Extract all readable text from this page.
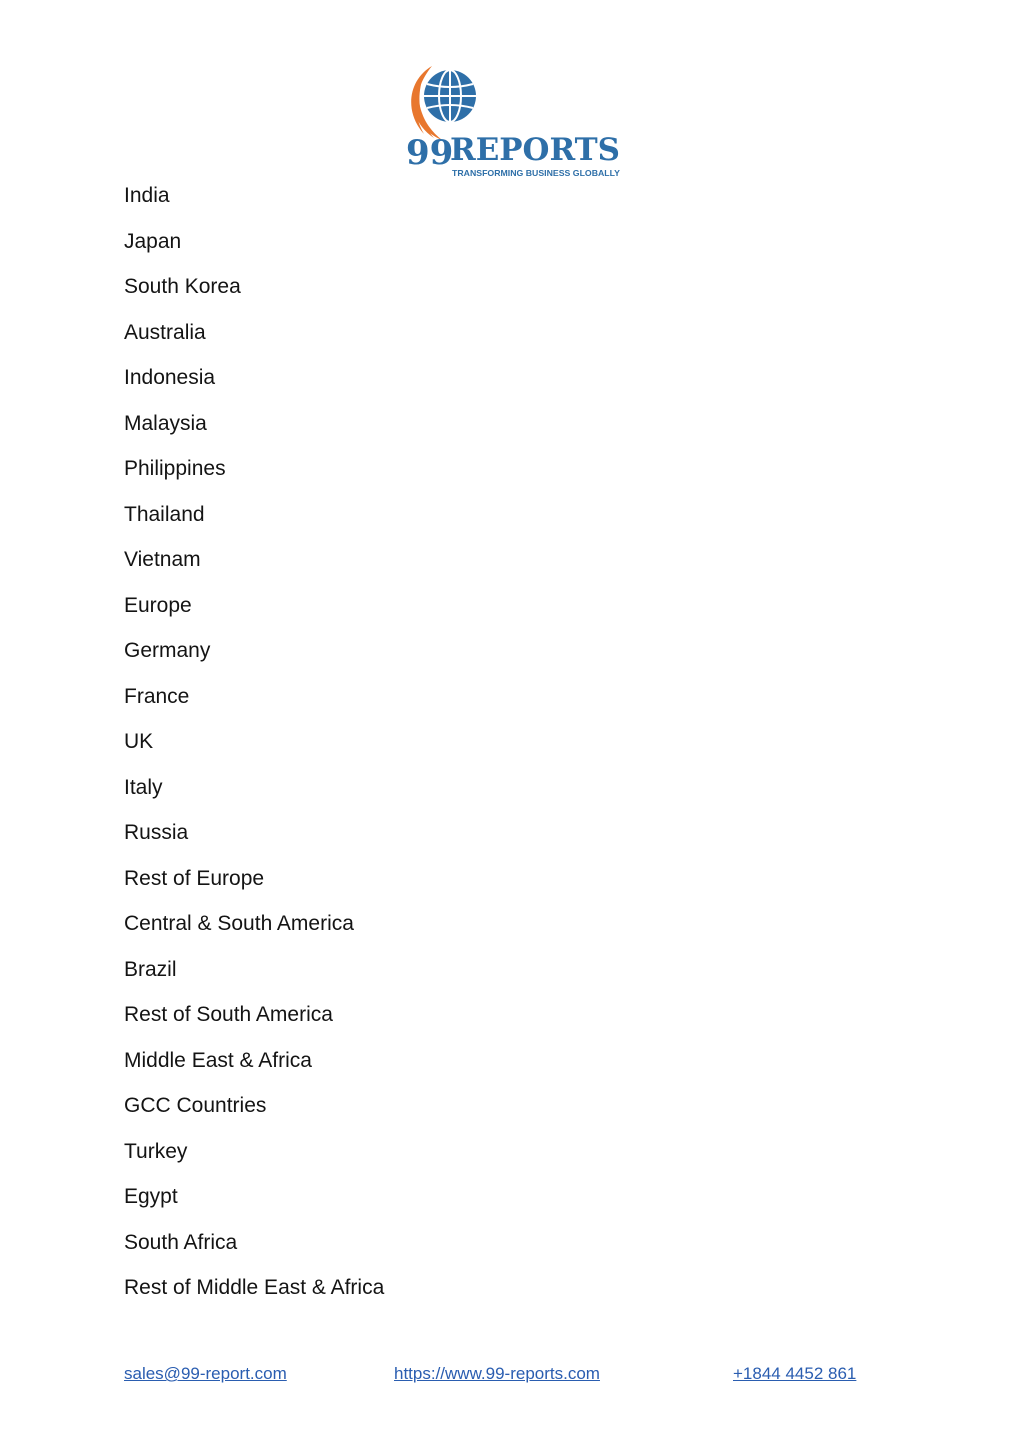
99
REPORTS
TRANSFORMING BUSINESS GLOBALLY
India
Japan
South Korea
Australia
Indonesia
Malaysia
Philippines
Thailand
Vietnam
Europe
Germany
France
UK
Italy
Russia
Rest of Europe
Central & South America
Brazil
Rest of South America
Middle East & Africa
GCC Countries
Turkey
Egypt
South Africa
Rest of Middle East & Africa
sales@99-report.com	https://www.99-reports.com	+1844 4452 861
